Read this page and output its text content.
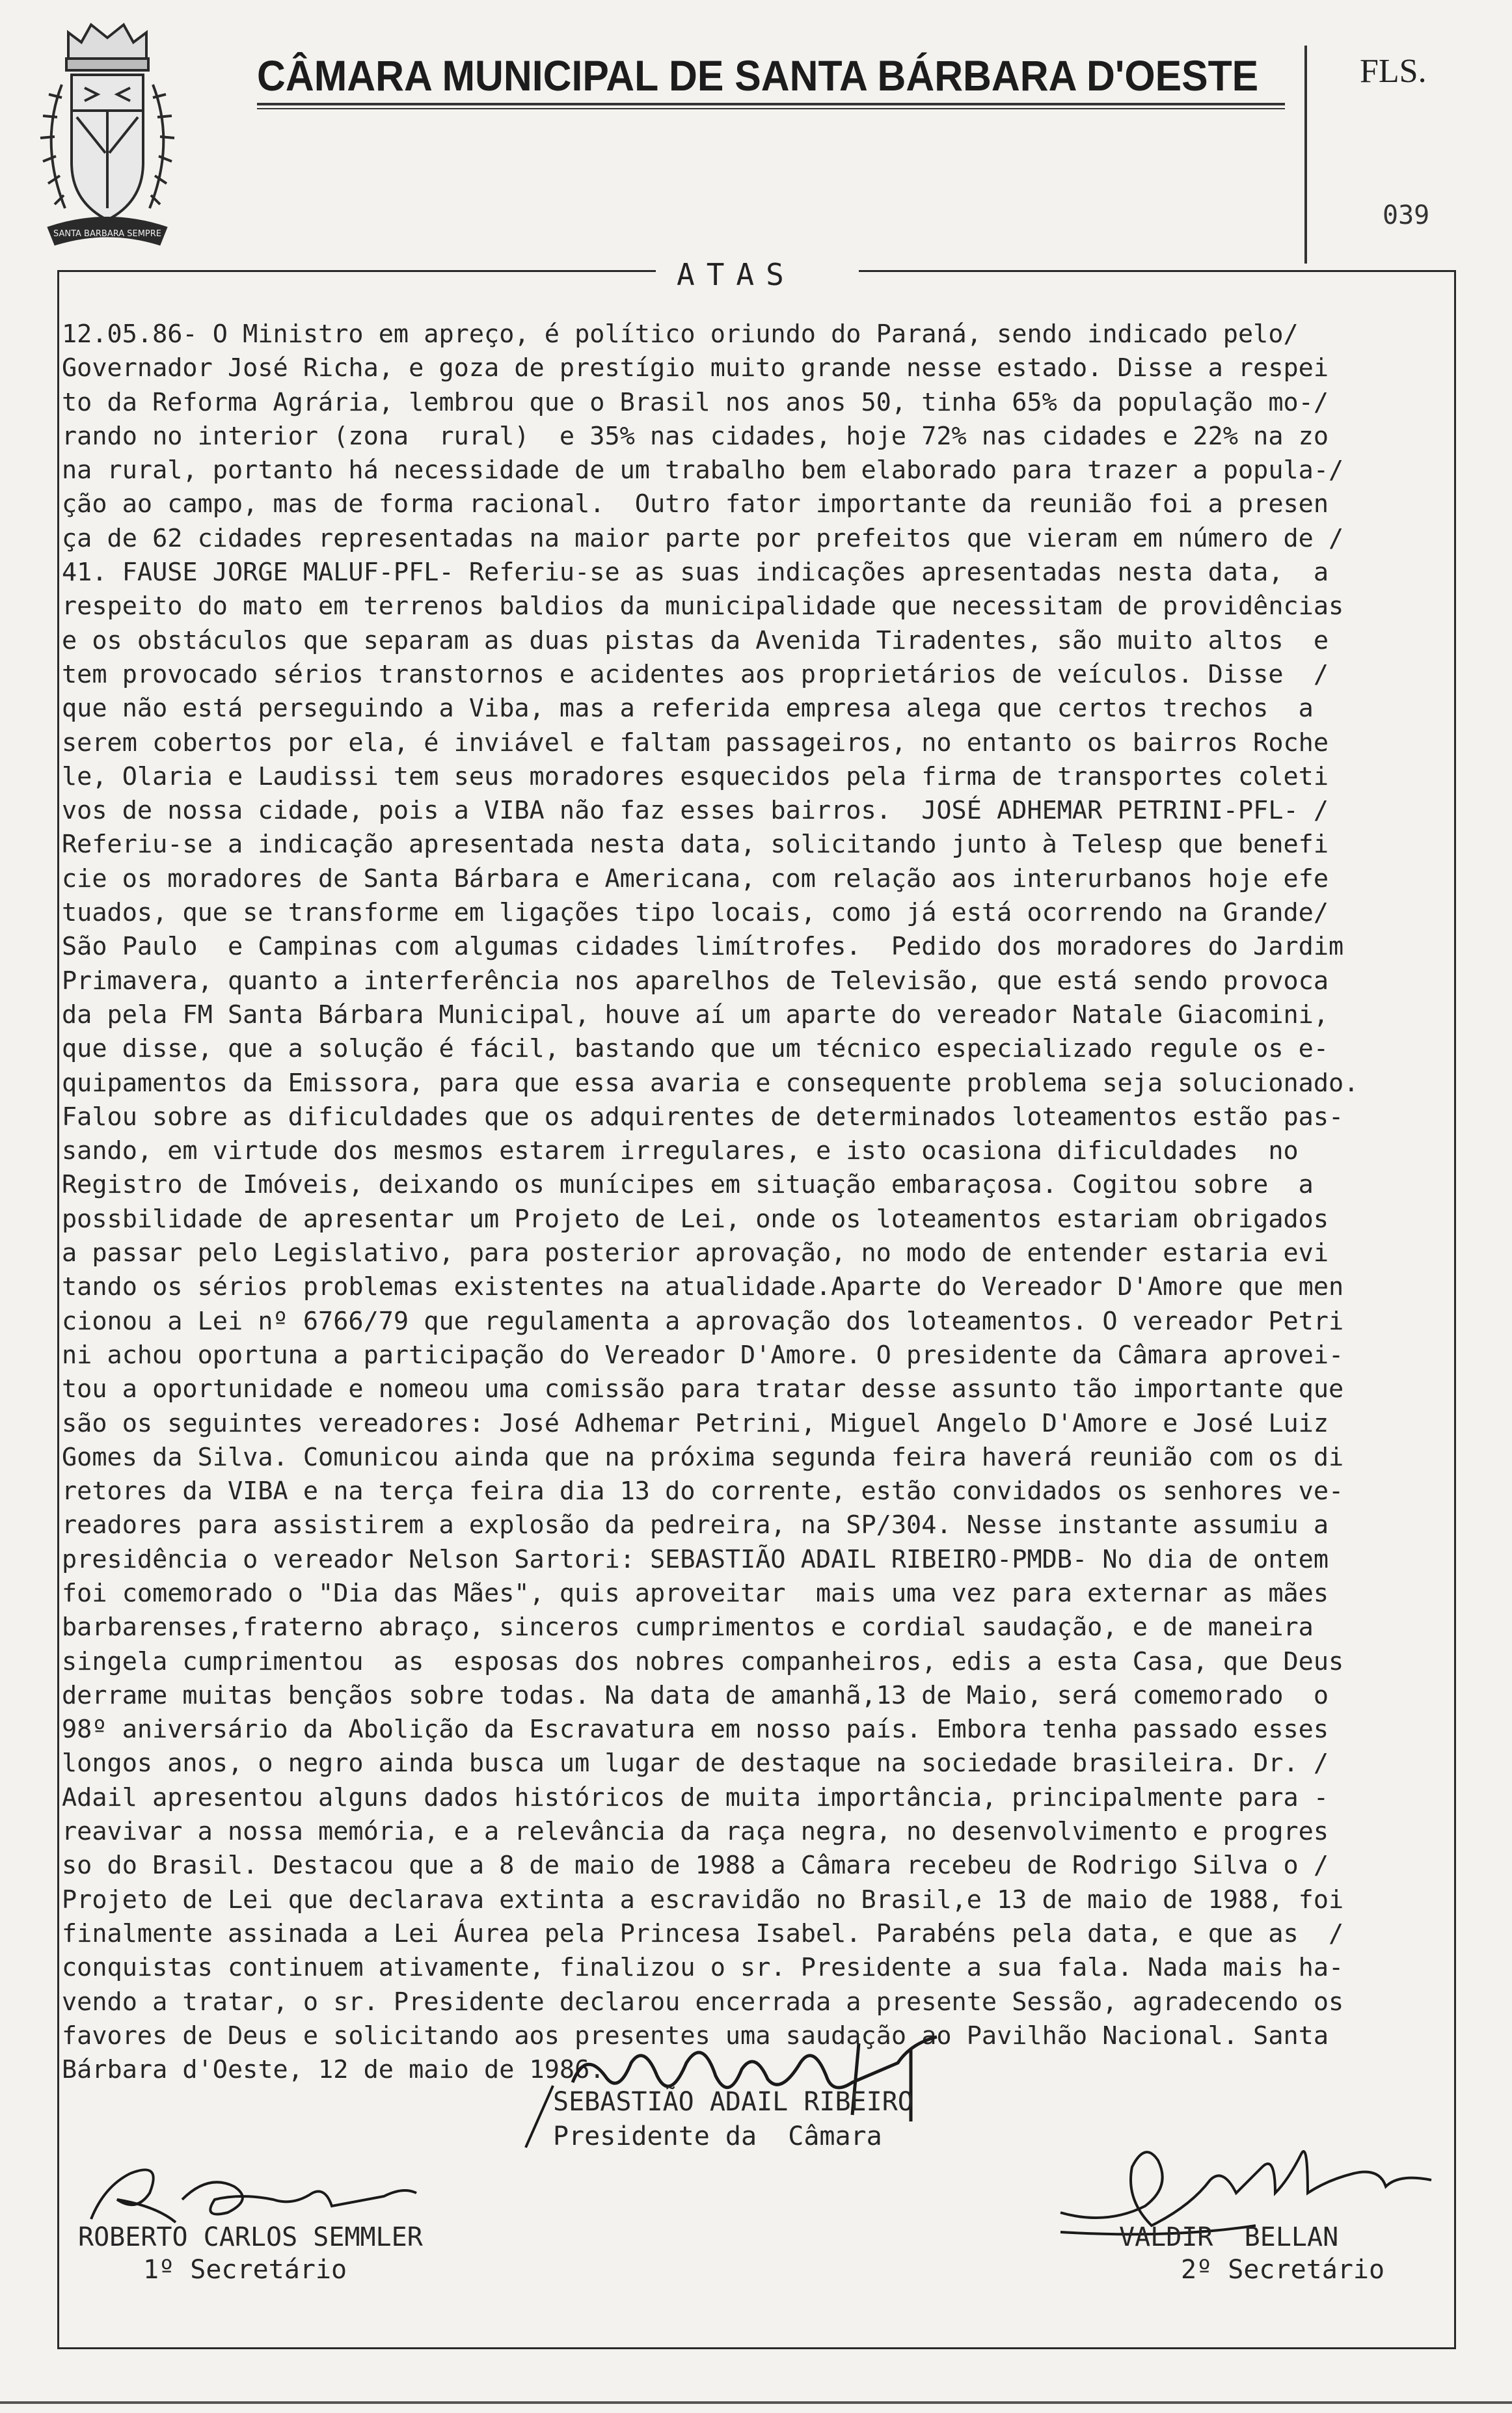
SANTA BARBARA SEMPRE
CÂMARA MUNICIPAL DE SANTA BÁRBARA D'OESTE	FLS.
039
ATAS
12.05.86- O Ministro em apreço, é político oriundo do Paraná, sendo indicado pelo/
Governador José Richa, e goza de prestígio muito grande nesse estado. Disse a respei
to da Reforma Agrária, lembrou que o Brasil nos anos 50, tinha 65% da população mo-/
rando no interior (zona  rural)  e 35% nas cidades, hoje 72% nas cidades e 22% na zo
na rural, portanto há necessidade de um trabalho bem elaborado para trazer a popula-/
ção ao campo, mas de forma racional.  Outro fator importante da reunião foi a presen
ça de 62 cidades representadas na maior parte por prefeitos que vieram em número de /
41. FAUSE JORGE MALUF-PFL- Referiu-se as suas indicações apresentadas nesta data,  a
respeito do mato em terrenos baldios da municipalidade que necessitam de providências
e os obstáculos que separam as duas pistas da Avenida Tiradentes, são muito altos  e
tem provocado sérios transtornos e acidentes aos proprietários de veículos. Disse  /
que não está perseguindo a Viba, mas a referida empresa alega que certos trechos  a
serem cobertos por ela, é inviável e faltam passageiros, no entanto os bairros Roche
le, Olaria e Laudissi tem seus moradores esquecidos pela firma de transportes coleti
vos de nossa cidade, pois a VIBA não faz esses bairros.  JOSÉ ADHEMAR PETRINI-PFL- /
Referiu-se a indicação apresentada nesta data, solicitando junto à Telesp que benefi
cie os moradores de Santa Bárbara e Americana, com relação aos interurbanos hoje efe
tuados, que se transforme em ligações tipo locais, como já está ocorrendo na Grande/
São Paulo  e Campinas com algumas cidades limítrofes.  Pedido dos moradores do Jardim
Primavera, quanto a interferência nos aparelhos de Televisão, que está sendo provoca
da pela FM Santa Bárbara Municipal, houve aí um aparte do vereador Natale Giacomini,
que disse, que a solução é fácil, bastando que um técnico especializado regule os e-
quipamentos da Emissora, para que essa avaria e consequente problema seja solucionado.
Falou sobre as dificuldades que os adquirentes de determinados loteamentos estão pas-
sando, em virtude dos mesmos estarem irregulares, e isto ocasiona dificuldades  no
Registro de Imóveis, deixando os munícipes em situação embaraçosa. Cogitou sobre  a
possbilidade de apresentar um Projeto de Lei, onde os loteamentos estariam obrigados
a passar pelo Legislativo, para posterior aprovação, no modo de entender estaria evi
tando os sérios problemas existentes na atualidade.Aparte do Vereador D'Amore que men
cionou a Lei nº 6766/79 que regulamenta a aprovação dos loteamentos. O vereador Petri
ni achou oportuna a participação do Vereador D'Amore. O presidente da Câmara aprovei-
tou a oportunidade e nomeou uma comissão para tratar desse assunto tão importante que
são os seguintes vereadores: José Adhemar Petrini, Miguel Angelo D'Amore e José Luiz
Gomes da Silva. Comunicou ainda que na próxima segunda feira haverá reunião com os di
retores da VIBA e na terça feira dia 13 do corrente, estão convidados os senhores ve-
readores para assistirem a explosão da pedreira, na SP/304. Nesse instante assumiu a
presidência o vereador Nelson Sartori: SEBASTIÃO ADAIL RIBEIRO-PMDB- No dia de ontem
foi comemorado o "Dia das Mães", quis aproveitar  mais uma vez para externar as mães
barbarenses,fraterno abraço, sinceros cumprimentos e cordial saudação, e de maneira
singela cumprimentou  as  esposas dos nobres companheiros, edis a esta Casa, que Deus
derrame muitas bençãos sobre todas. Na data de amanhã,13 de Maio, será comemorado  o
98º aniversário da Abolição da Escravatura em nosso país. Embora tenha passado esses
longos anos, o negro ainda busca um lugar de destaque na sociedade brasileira. Dr. /
Adail apresentou alguns dados históricos de muita importância, principalmente para -
reavivar a nossa memória, e a relevância da raça negra, no desenvolvimento e progres
so do Brasil. Destacou que a 8 de maio de 1988 a Câmara recebeu de Rodrigo Silva o /
Projeto de Lei que declarava extinta a escravidão no Brasil,e 13 de maio de 1988, foi
finalmente assinada a Lei Áurea pela Princesa Isabel. Parabéns pela data, e que as  /
conquistas continuem ativamente, finalizou o sr. Presidente a sua fala. Nada mais ha-
vendo a tratar, o sr. Presidente declarou encerrada a presente Sessão, agradecendo os
favores de Deus e solicitando aos presentes uma saudação ao Pavilhão Nacional. Santa
Bárbara d'Oeste, 12 de maio de 1986.

SEBASTIÃO ADAIL RIBEIRO
Presidente da  Câmara
ROBERTO CARLOS SEMMLER
1º Secretário
VALDIR  BELLAN
2º Secretário
